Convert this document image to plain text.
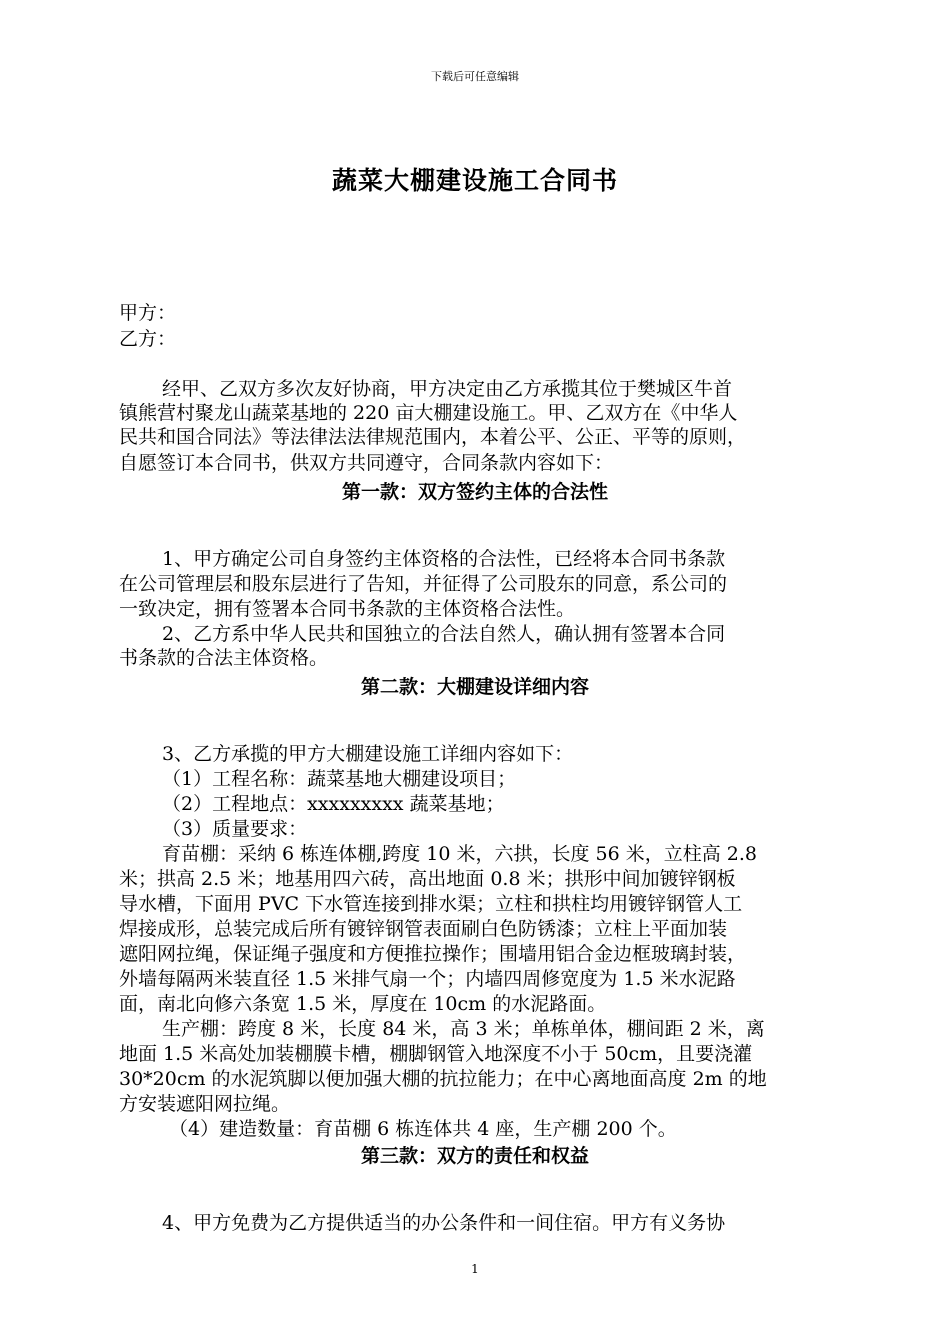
下载后可任意编辑
蔬菜大棚建设施工合同书
甲方：
乙方：
经甲、乙双方多次友好协商，甲方决定由乙方承揽其位于樊城区牛首
镇熊营村聚龙山蔬菜基地的 220 亩大棚建设施工。甲、乙双方在《中华人
民共和国合同法》等法律法法律规范围内，本着公平、公正、平等的原则，
自愿签订本合同书，供双方共同遵守，合同条款内容如下：
第一款：双方签约主体的合法性
1、甲方确定公司自身签约主体资格的合法性，已经将本合同书条款
在公司管理层和股东层进行了告知，并征得了公司股东的同意，系公司的
一致决定，拥有签署本合同书条款的主体资格合法性。
2、乙方系中华人民共和国独立的合法自然人，确认拥有签署本合同
书条款的合法主体资格。
第二款：大棚建设详细内容
3、乙方承揽的甲方大棚建设施工详细内容如下：
（1）工程名称：蔬菜基地大棚建设项目；
（2）工程地点：xxxxxxxxx 蔬菜基地；
（3）质量要求：
育苗棚：采纳 6 栋连体棚,跨度 10 米，六拱，长度 56 米，立柱高 2.8
米；拱高 2.5 米；地基用四六砖，高出地面 0.8 米；拱形中间加镀锌钢板
导水槽，下面用 PVC 下水管连接到排水渠；立柱和拱柱均用镀锌钢管人工
焊接成形，总装完成后所有镀锌钢管表面刷白色防锈漆；立柱上平面加装
遮阳网拉绳，保证绳子强度和方便推拉操作；围墙用铝合金边框玻璃封装，
外墙每隔两米装直径 1.5 米排气扇一个；内墙四周修宽度为 1.5 米水泥路
面，南北向修六条宽 1.5 米，厚度在 10cm 的水泥路面。
生产棚：跨度 8 米，长度 84 米，高 3 米；单栋单体，棚间距 2 米，离
地面 1.5 米高处加装棚膜卡槽，棚脚钢管入地深度不小于 50cm，且要浇灌
30*20cm 的水泥筑脚以便加强大棚的抗拉能力；在中心离地面高度 2m 的地
方安装遮阳网拉绳。
（4）建造数量：育苗棚 6 栋连体共 4 座，生产棚 200 个。
第三款：双方的责任和权益
4、甲方免费为乙方提供适当的办公条件和一间住宿。甲方有义务协
1
